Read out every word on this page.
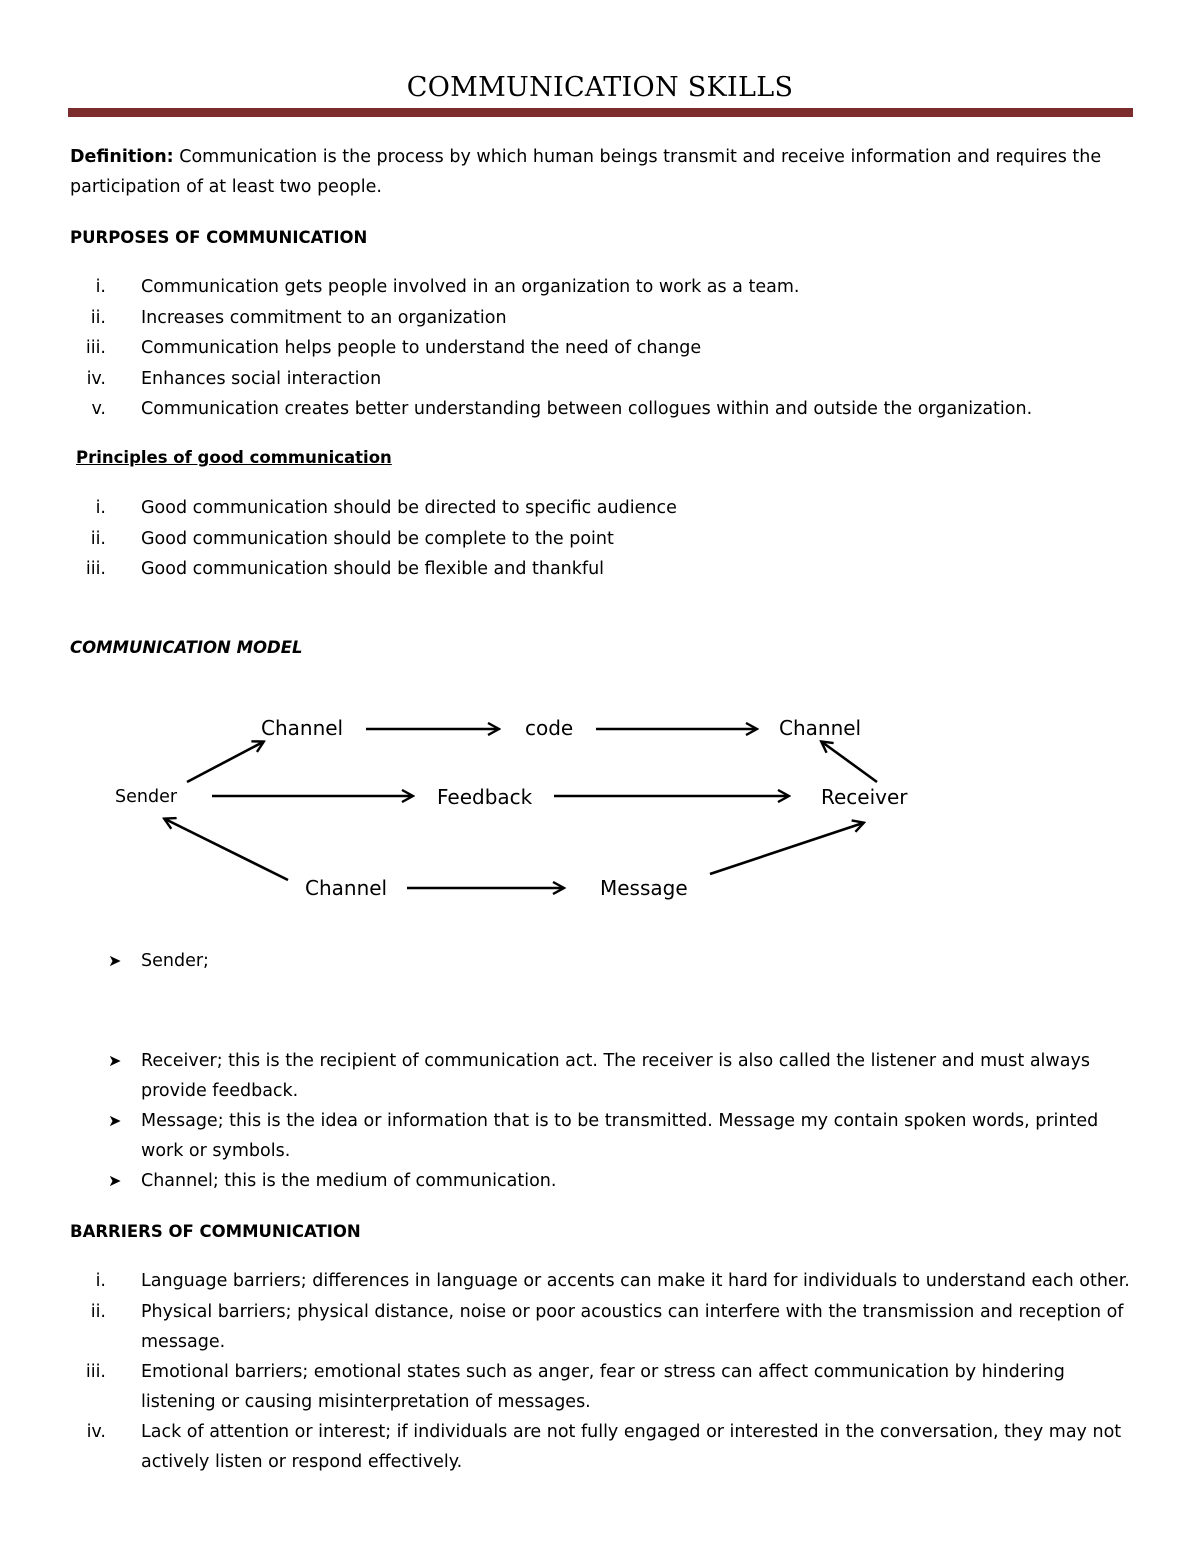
COMMUNICATION SKILLS
Definition: Communication is the process by which human beings transmit and receive information and requires the participation of at least two people.
PURPOSES OF COMMUNICATION
i. Communication gets people involved in an organization to work as a team.
ii. Increases commitment to an organization
iii. Communication helps people to understand the need of change
iv. Enhances social interaction
v. Communication creates better understanding between collogues within and outside the organization.
Principles of good communication
i. Good communication should be directed to specific audience
ii. Good communication should be complete to the point
iii. Good communication should be flexible and thankful
COMMUNICATION MODEL
Channel	code	Channel
Sender	Feedback	Receiver
Channel	Message
➤ Sender;
➤ Receiver; this is the recipient of communication act. The receiver is also called the listener and must always provide feedback.
➤ Message; this is the idea or information that is to be transmitted. Message my contain spoken words, printed work or symbols.
➤ Channel; this is the medium of communication.
BARRIERS OF COMMUNICATION
i. Language barriers; differences in language or accents can make it hard for individuals to understand each other.
ii. Physical barriers; physical distance, noise or poor acoustics can interfere with the transmission and reception of message.
iii. Emotional barriers; emotional states such as anger, fear or stress can affect communication by hindering listening or causing misinterpretation of messages.
iv. Lack of attention or interest; if individuals are not fully engaged or interested in the conversation, they may not actively listen or respond effectively.
